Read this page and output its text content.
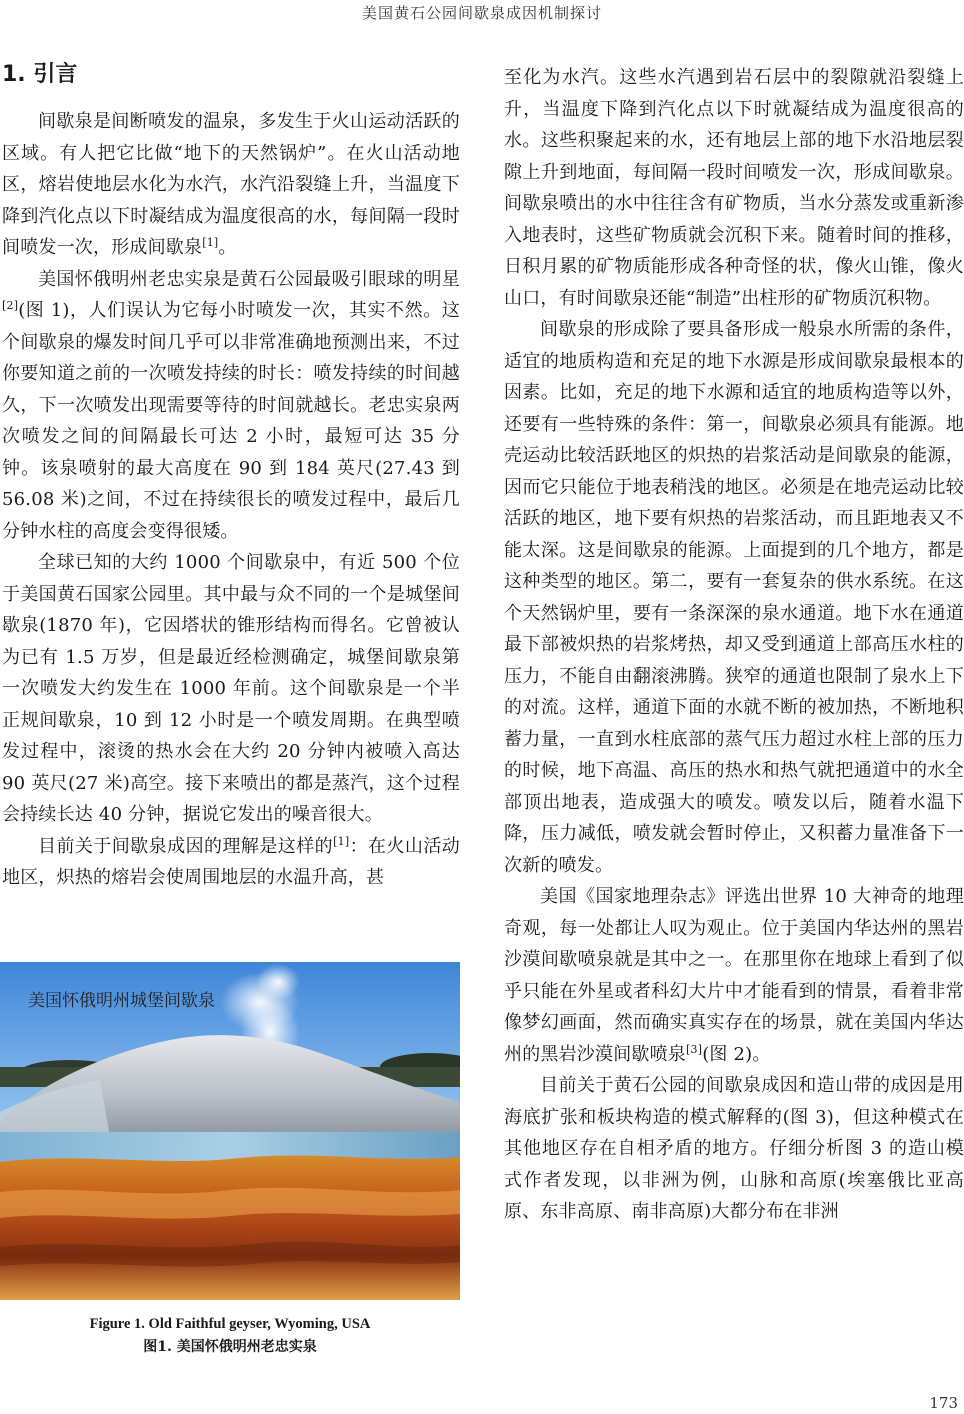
美国黄石公园间歇泉成因机制探讨
1. 引言

间歇泉是间断喷发的温泉，多发生于火山运动活跃的区域。有人把它比做“地下的天然锅炉”。在火山活动地区，熔岩使地层水化为水汽，水汽沿裂缝上升，当温度下降到汽化点以下时凝结成为温度很高的水，每间隔一段时间喷发一次，形成间歇泉[1]。

美国怀俄明州老忠实泉是黄石公园最吸引眼球的明星[2](图 1)，人们误认为它每小时喷发一次，其实不然。这个间歇泉的爆发时间几乎可以非常准确地预测出来，不过你要知道之前的一次喷发持续的时长：喷发持续的时间越久，下一次喷发出现需要等待的时间就越长。老忠实泉两次喷发之间的间隔最长可达 2 小时，最短可达 35 分钟。该泉喷射的最大高度在 90 到 184 英尺(27.43 到 56.08 米)之间，不过在持续很长的喷发过程中，最后几分钟水柱的高度会变得很矮。

全球已知的大约 1000 个间歇泉中，有近 500 个位于美国黄石国家公园里。其中最与众不同的一个是城堡间歇泉(1870 年)，它因塔状的锥形结构而得名。它曾被认为已有 1.5 万岁，但是最近经检测确定，城堡间歇泉第一次喷发大约发生在 1000 年前。这个间歇泉是一个半正规间歇泉，10 到 12 小时是一个喷发周期。在典型喷发过程中，滚烫的热水会在大约 20 分钟内被喷入高达 90 英尺(27 米)高空。接下来喷出的都是蒸汽，这个过程会持续长达 40 分钟，据说它发出的噪音很大。

目前关于间歇泉成因的理解是这样的[1]：在火山活动地区，炽热的熔岩会使周围地层的水温升高，甚

美国怀俄明州城堡间歇泉
Figure 1. Old Faithful geyser, Wyoming, USA
图1. 美国怀俄明州老忠实泉

至化为水汽。这些水汽遇到岩石层中的裂隙就沿裂缝上升，当温度下降到汽化点以下时就凝结成为温度很高的水。这些积聚起来的水，还有地层上部的地下水沿地层裂隙上升到地面，每间隔一段时间喷发一次，形成间歇泉。间歇泉喷出的水中往往含有矿物质，当水分蒸发或重新渗入地表时，这些矿物质就会沉积下来。随着时间的推移，日积月累的矿物质能形成各种奇怪的状，像火山锥，像火山口，有时间歇泉还能“制造”出柱形的矿物质沉积物。

间歇泉的形成除了要具备形成一般泉水所需的条件，适宜的地质构造和充足的地下水源是形成间歇泉最根本的因素。比如，充足的地下水源和适宜的地质构造等以外，还要有一些特殊的条件：第一，间歇泉必须具有能源。地壳运动比较活跃地区的炽热的岩浆活动是间歇泉的能源，因而它只能位于地表稍浅的地区。必须是在地壳运动比较活跃的地区，地下要有炽热的岩浆活动，而且距地表又不能太深。这是间歇泉的能源。上面提到的几个地方，都是这种类型的地区。第二，要有一套复杂的供水系统。在这个天然锅炉里，要有一条深深的泉水通道。地下水在通道最下部被炽热的岩浆烤热，却又受到通道上部高压水柱的压力，不能自由翻滚沸腾。狭窄的通道也限制了泉水上下的对流。这样，通道下面的水就不断的被加热，不断地积蓄力量，一直到水柱底部的蒸气压力超过水柱上部的压力的时候，地下高温、高压的热水和热气就把通道中的水全部顶出地表，造成强大的喷发。喷发以后，随着水温下降，压力减低，喷发就会暂时停止，又积蓄力量准备下一次新的喷发。

美国《国家地理杂志》评选出世界 10 大神奇的地理奇观，每一处都让人叹为观止。位于美国内华达州的黑岩沙漠间歇喷泉就是其中之一。在那里你在地球上看到了似乎只能在外星或者科幻大片中才能看到的情景，看着非常像梦幻画面，然而确实真实存在的场景，就在美国内华达州的黑岩沙漠间歇喷泉[3](图 2)。

目前关于黄石公园的间歇泉成因和造山带的成因是用海底扩张和板块构造的模式解释的(图 3)，但这种模式在其他地区存在自相矛盾的地方。仔细分析图 3 的造山模式作者发现，以非洲为例，山脉和高原(埃塞俄比亚高原、东非高原、南非高原)大都分布在非洲

173
